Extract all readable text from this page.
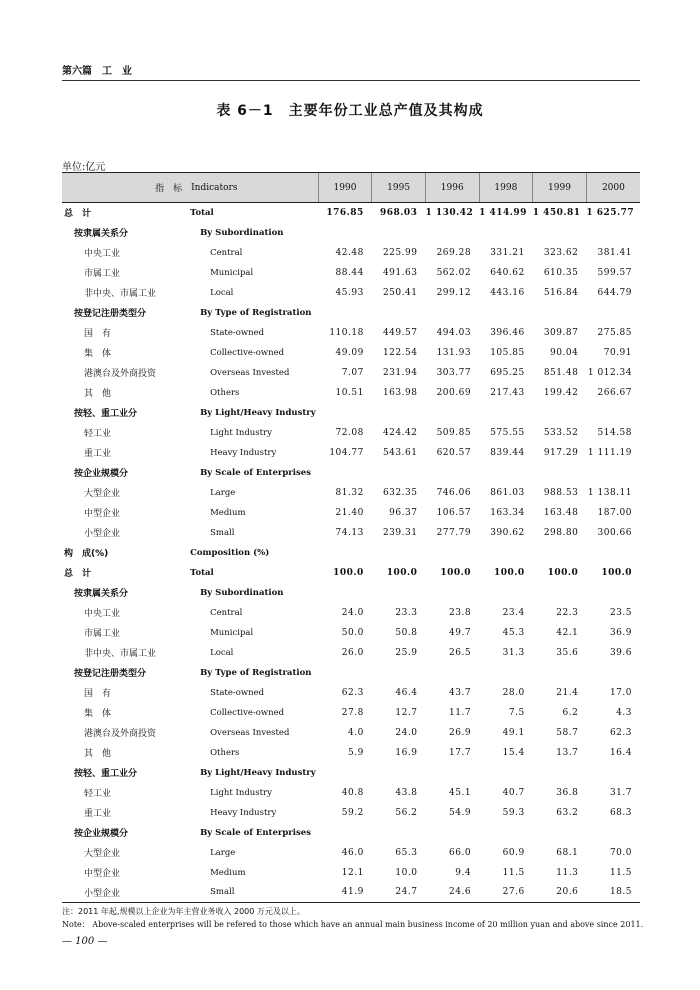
第六篇　工　业
表 6－1　主要年份工业总产值及其构成
单位:亿元
指　标	Indicators	1990	1995	1996	1998	1999	2000
总　计	Total	176.85	968.03	1 130.42	1 414.99	1 450.81	1 625.77
按隶属关系分	By Subordination						
中央工业	Central	42.48	225.99	269.28	331.21	323.62	381.41
市属工业	Municipal	88.44	491.63	562.02	640.62	610.35	599.57
非中央、市属工业	Local	45.93	250.41	299.12	443.16	516.84	644.79
按登记注册类型分	By Type of Registration						
国　有	State-owned	110.18	449.57	494.03	396.46	309.87	275.85
集　体	Collective-owned	49.09	122.54	131.93	105.85	90.04	70.91
港澳台及外商投资	Overseas Invested	7.07	231.94	303.77	695.25	851.48	1 012.34
其　他	Others	10.51	163.98	200.69	217.43	199.42	266.67
按轻、重工业分	By Light/Heavy Industry						
轻工业	Light Industry	72.08	424.42	509.85	575.55	533.52	514.58
重工业	Heavy Industry	104.77	543.61	620.57	839.44	917.29	1 111.19
按企业规模分	By Scale of Enterprises						
大型企业	Large	81.32	632.35	746.06	861.03	988.53	1 138.11
中型企业	Medium	21.40	96.37	106.57	163.34	163.48	187.00
小型企业	Small	74.13	239.31	277.79	390.62	298.80	300.66
构　成(%)	Composition (%)						
总　计	Total	100.0	100.0	100.0	100.0	100.0	100.0
按隶属关系分	By Subordination						
中央工业	Central	24.0	23.3	23.8	23.4	22.3	23.5
市属工业	Municipal	50.0	50.8	49.7	45.3	42.1	36.9
非中央、市属工业	Local	26.0	25.9	26.5	31.3	35.6	39.6
按登记注册类型分	By Type of Registration						
国　有	State-owned	62.3	46.4	43.7	28.0	21.4	17.0
集　体	Collective-owned	27.8	12.7	11.7	7.5	6.2	4.3
港澳台及外商投资	Overseas Invested	4.0	24.0	26.9	49.1	58.7	62.3
其　他	Others	5.9	16.9	17.7	15.4	13.7	16.4
按轻、重工业分	By Light/Heavy Industry						
轻工业	Light Industry	40.8	43.8	45.1	40.7	36.8	31.7
重工业	Heavy Industry	59.2	56.2	54.9	59.3	63.2	68.3
按企业规模分	By Scale of Enterprises						
大型企业	Large	46.0	65.3	66.0	60.9	68.1	70.0
中型企业	Medium	12.1	10.0	9.4	11.5	11.3	11.5
小型企业	Small	41.9	24.7	24.6	27.6	20.6	18.5
注：2011 年起,规模以上企业为年主营业务收入 2000 万元及以上。
Note： Above-scaled enterprises will be refered to those which have an annual main business income of 20 million yuan and above since 2011.
— 100 —
